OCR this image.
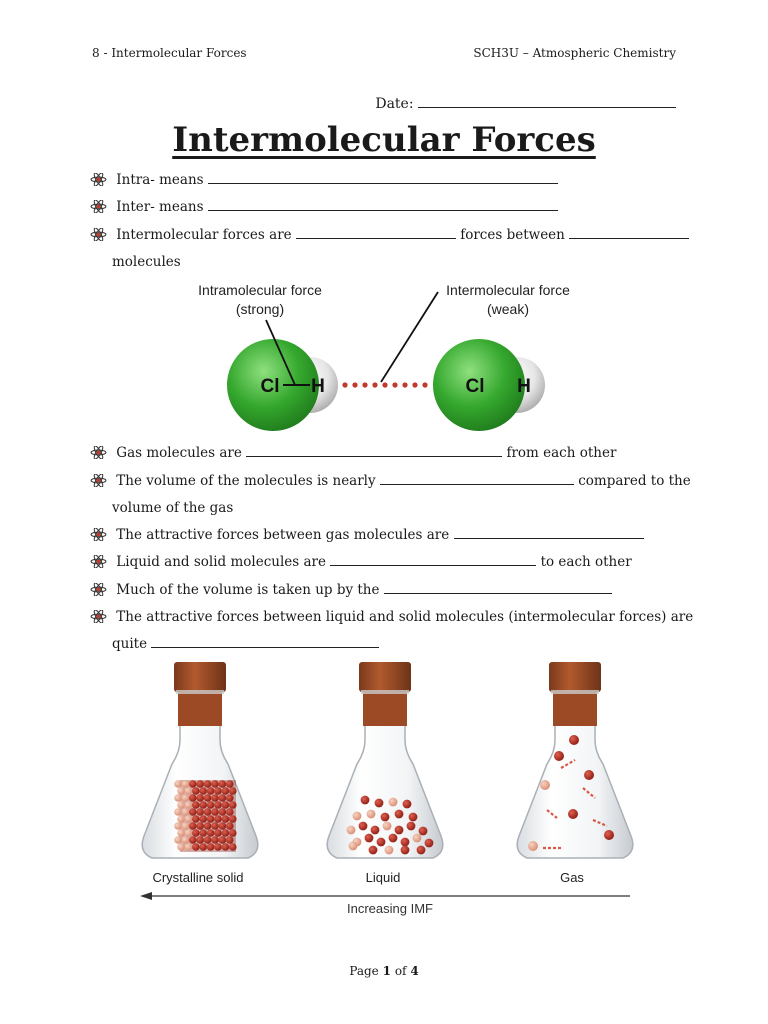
8 - Intermolecular Forces	SCH3U – Atmospheric Chemistry
Date:
Intermolecular Forces
Intra- means
Inter- means
Intermolecular forces are	forces between
molecules
Gas molecules are	from each other
The volume of the molecules is nearly	compared to the
volume of the gas
The attractive forces between gas molecules are
Liquid and solid molecules are	to each other
Much of the volume is taken up by the
The attractive forces between liquid and solid molecules (intermolecular forces) are
quite
Intramolecular force
(strong)
Intermolecular force
(weak)
Cl H	Cl H
Crystalline solid	Liquid	Gas
Increasing IMF
Page 1 of 4
